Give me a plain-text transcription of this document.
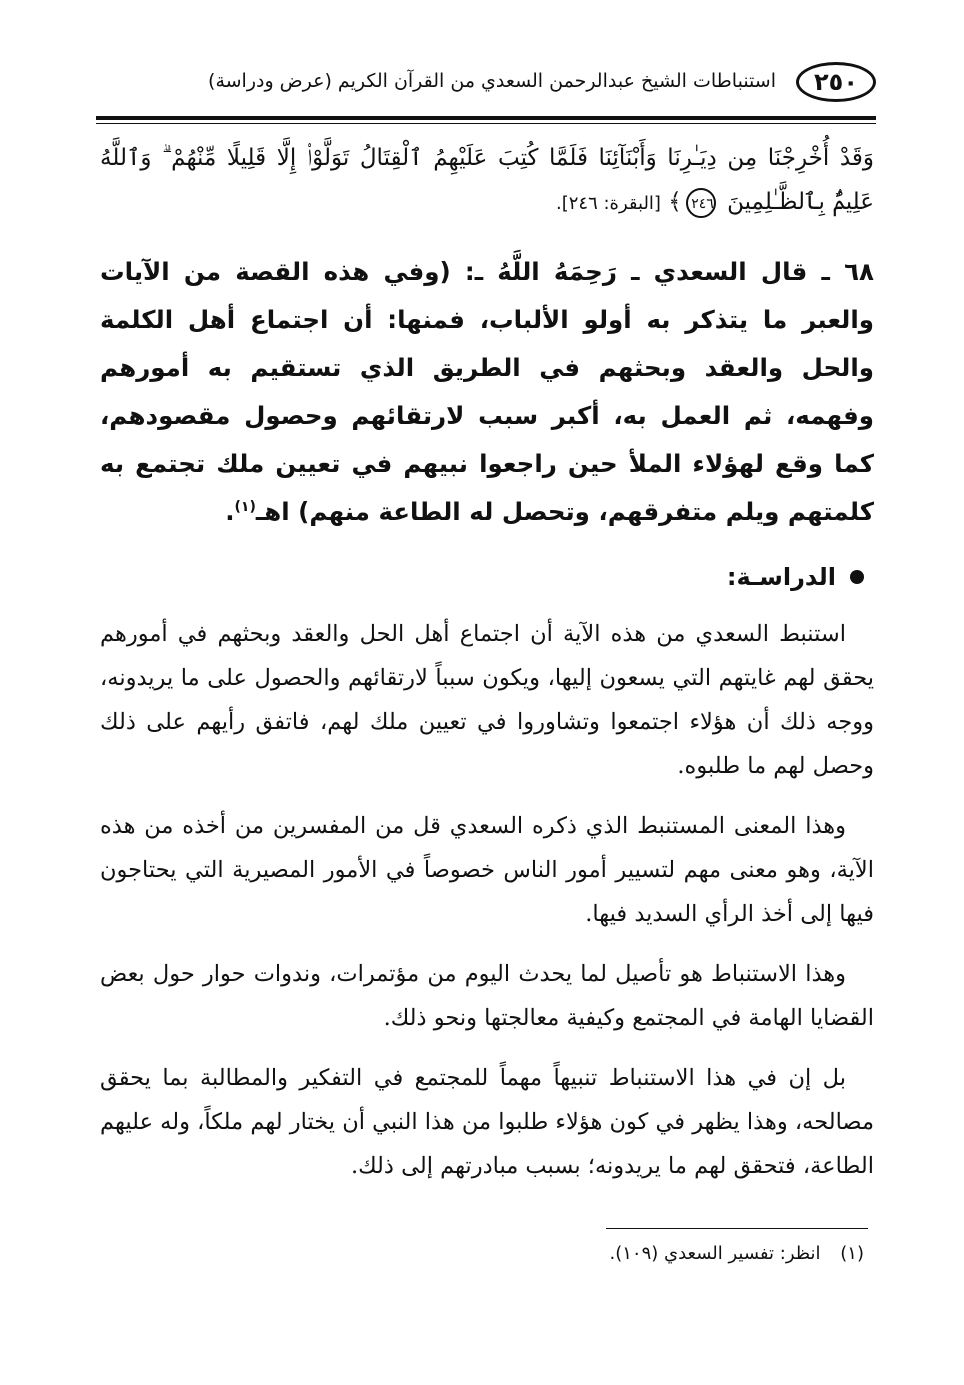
٢٥٠
استنباطات الشيخ عبدالرحمن السعدي من القرآن الكريم (عرض ودراسة)
وَقَدْ أُخْرِجْنَا مِن دِيَـٰرِنَا وَأَبْنَآئِنَا فَلَمَّا كُتِبَ عَلَيْهِمُ ٱلْقِتَالُ تَوَلَّوْا۟ إِلَّا قَلِيلًا مِّنْهُمْ ۗ وَٱللَّهُ عَلِيمٌۢ بِٱلظَّـٰلِمِينَ ٢٤٦﴾ [البقرة: ٢٤٦].
٦٨ ـ قال السعدي ـ رَحِمَهُ اللَّهُ ـ: (وفي هذه القصة من الآيات والعبر ما يتذكر به أولو الألباب، فمنها: أن اجتماع أهل الكلمة والحل والعقد وبحثهم في الطريق الذي تستقيم به أمورهم وفهمه، ثم العمل به، أكبر سبب لارتقائهم وحصول مقصودهم، كما وقع لهؤلاء الملأ حين راجعوا نبيهم في تعيين ملك تجتمع به كلمتهم ويلم متفرقهم، وتحصل له الطاعة منهم) اهـ$^{(١)}$.
الدراسـة:

استنبط السعدي من هذه الآية أن اجتماع أهل الحل والعقد وبحثهم في أمورهم يحقق لهم غايتهم التي يسعون إليها، ويكون سبباً لارتقائهم والحصول على ما يريدونه، ووجه ذلك أن هؤلاء اجتمعوا وتشاوروا في تعيين ملك لهم، فاتفق رأيهم على ذلك وحصل لهم ما طلبوه.

وهذا المعنى المستنبط الذي ذكره السعدي قل من المفسرين من أخذه من هذه الآية، وهو معنى مهم لتسيير أمور الناس خصوصاً في الأمور المصيرية التي يحتاجون فيها إلى أخذ الرأي السديد فيها.

وهذا الاستنباط هو تأصيل لما يحدث اليوم من مؤتمرات، وندوات حوار حول بعض القضايا الهامة في المجتمع وكيفية معالجتها ونحو ذلك.

بل إن في هذا الاستنباط تنبيهاً مهماً للمجتمع في التفكير والمطالبة بما يحقق مصالحه، وهذا يظهر في كون هؤلاء طلبوا من هذا النبي أن يختار لهم ملكاً، وله عليهم الطاعة، فتحقق لهم ما يريدونه؛ بسبب مبادرتهم إلى ذلك.

(١) انظر: تفسير السعدي (١٠٩).
